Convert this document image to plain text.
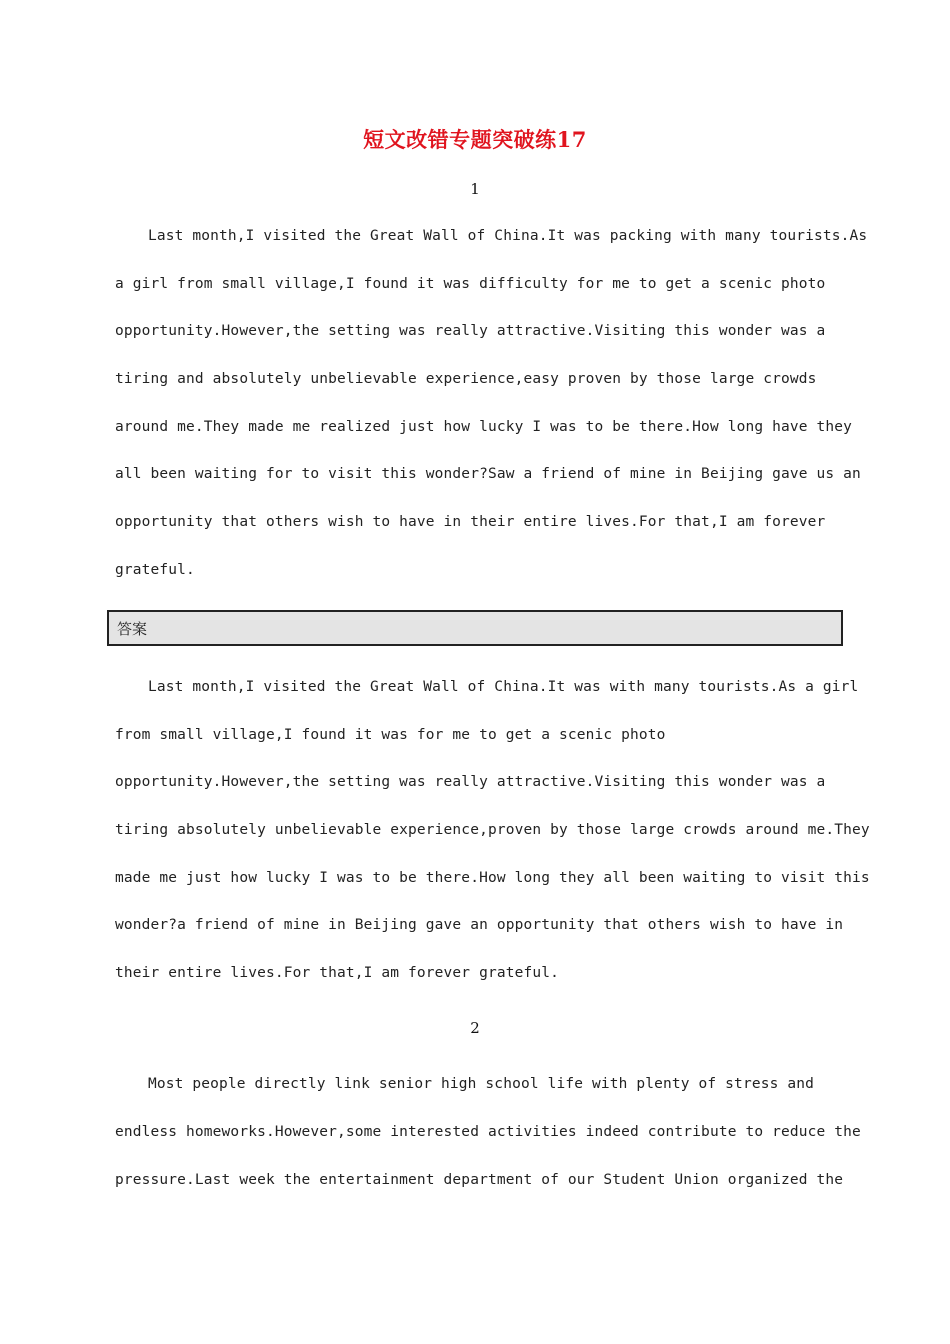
短文改错专题突破练17
1
Last month,I visited the Great Wall of China.It was packing with many tourists.As
a girl from small village,I found it was difficulty for me to get a scenic photo
opportunity.However,the setting was really attractive.Visiting this wonder was a
tiring and absolutely unbelievable experience,easy proven by those large crowds
around me.They made me realized just how lucky I was to be there.How long have they
all been waiting for to visit this wonder?Saw a friend of mine in Beijing gave us an
opportunity that others wish to have in their entire lives.For that,I am forever
grateful.
答案
Last month,I visited the Great Wall of China.It was with many tourists.As a girl
from small village,I found it was for me to get a scenic photo
opportunity.However,the setting was really attractive.Visiting this wonder was a
tiring absolutely unbelievable experience,proven by those large crowds around me.They
made me just how lucky I was to be there.How long they all been waiting to visit this
wonder?a friend of mine in Beijing gave an opportunity that others wish to have in
their entire lives.For that,I am forever grateful.
2
Most people directly link senior high school life with plenty of stress and
endless homeworks.However,some interested activities indeed contribute to reduce the
pressure.Last week the entertainment department of our Student Union organized the
